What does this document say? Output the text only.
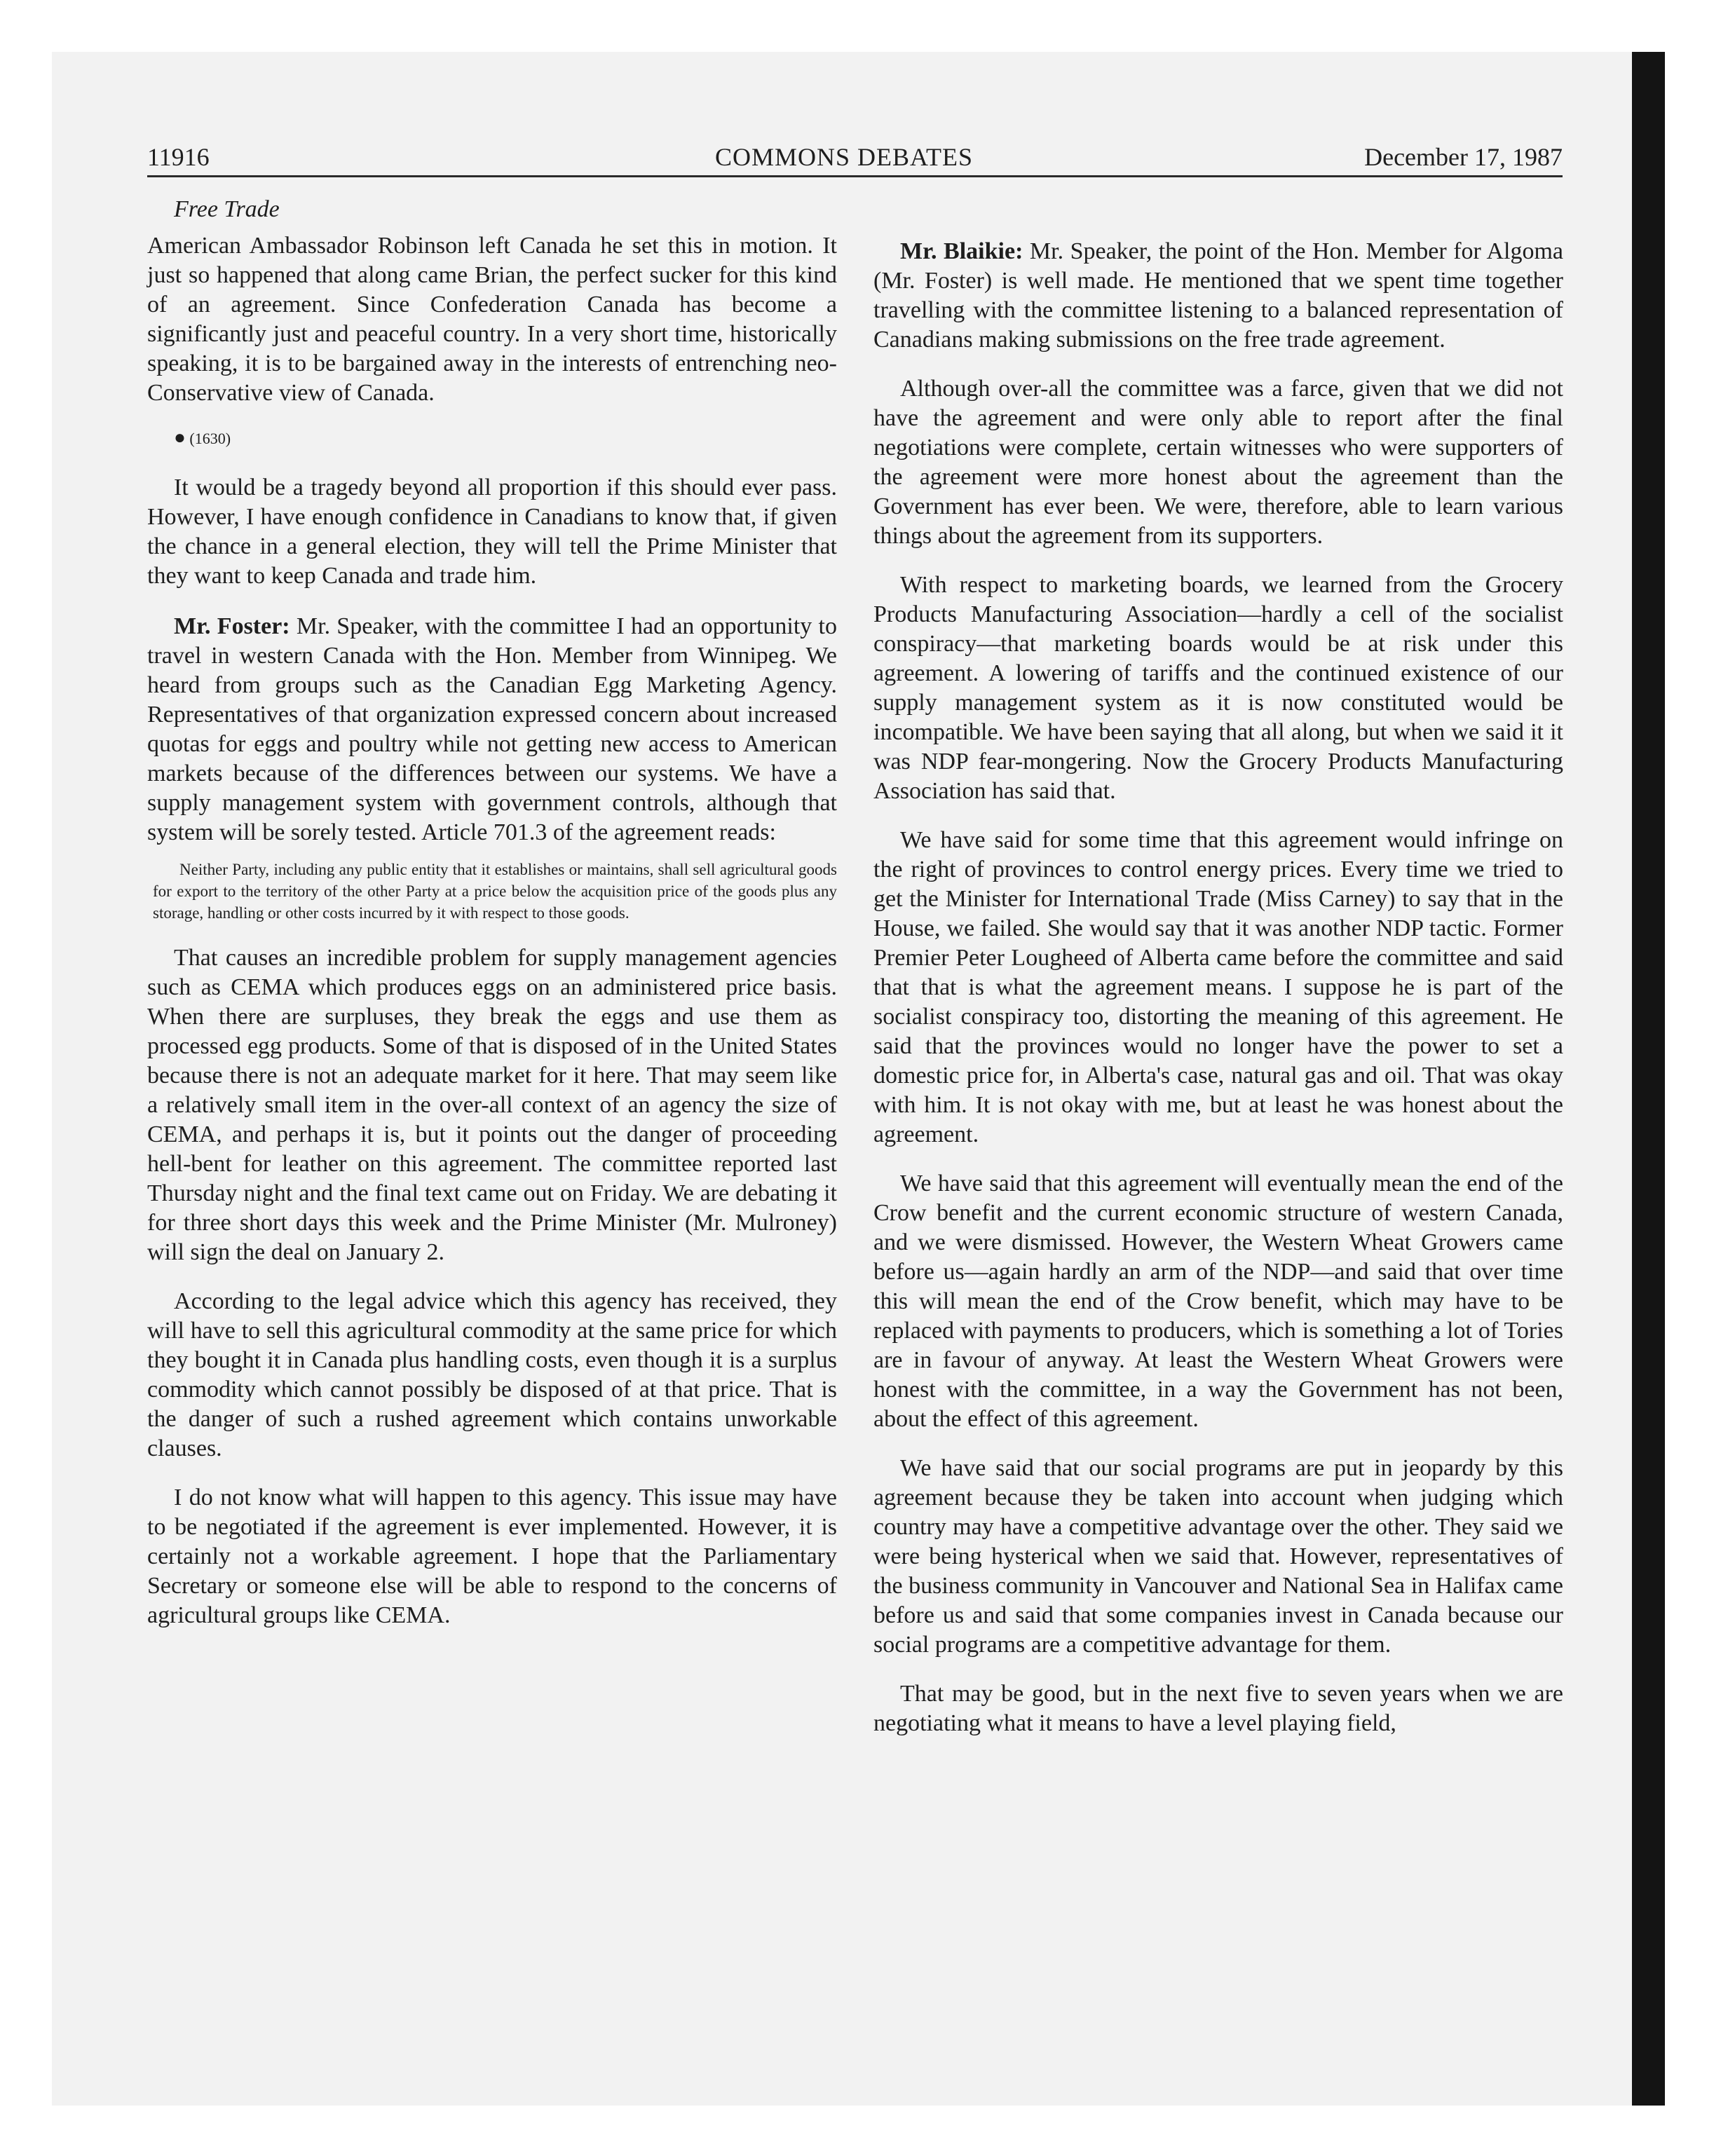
11916	COMMONS DEBATES	December 17, 1987

Free Trade

American Ambassador Robinson left Canada he set this in motion. It just so happened that along came Brian, the perfect sucker for this kind of an agreement. Since Confederation Canada has become a significantly just and peaceful country. In a very short time, historically speaking, it is to be bargained away in the interests of entrenching neo-Conservative view of Canada.

● (1630)

It would be a tragedy beyond all proportion if this should ever pass. However, I have enough confidence in Canadians to know that, if given the chance in a general election, they will tell the Prime Minister that they want to keep Canada and trade him.

Mr. Foster: Mr. Speaker, with the committee I had an opportunity to travel in western Canada with the Hon. Member from Winnipeg. We heard from groups such as the Canadian Egg Marketing Agency. Representatives of that organization expressed concern about increased quotas for eggs and poultry while not getting new access to American markets because of the differences between our systems. We have a supply management system with government controls, although that system will be sorely tested. Article 701.3 of the agreement reads:

Neither Party, including any public entity that it establishes or maintains, shall sell agricultural goods for export to the territory of the other Party at a price below the acquisition price of the goods plus any storage, handling or other costs incurred by it with respect to those goods.

That causes an incredible problem for supply management agencies such as CEMA which produces eggs on an administered price basis. When there are surpluses, they break the eggs and use them as processed egg products. Some of that is disposed of in the United States because there is not an adequate market for it here. That may seem like a relatively small item in the over-all context of an agency the size of CEMA, and perhaps it is, but it points out the danger of proceeding hell-bent for leather on this agreement. The committee reported last Thursday night and the final text came out on Friday. We are debating it for three short days this week and the Prime Minister (Mr. Mulroney) will sign the deal on January 2.

According to the legal advice which this agency has received, they will have to sell this agricultural commodity at the same price for which they bought it in Canada plus handling costs, even though it is a surplus commodity which cannot possibly be disposed of at that price. That is the danger of such a rushed agreement which contains unworkable clauses.

I do not know what will happen to this agency. This issue may have to be negotiated if the agreement is ever implemented. However, it is certainly not a workable agreement. I hope that the Parliamentary Secretary or someone else will be able to respond to the concerns of agricultural groups like CEMA.

Mr. Blaikie: Mr. Speaker, the point of the Hon. Member for Algoma (Mr. Foster) is well made. He mentioned that we spent time together travelling with the committee listening to a balanced representation of Canadians making submissions on the free trade agreement.

Although over-all the committee was a farce, given that we did not have the agreement and were only able to report after the final negotiations were complete, certain witnesses who were supporters of the agreement were more honest about the agreement than the Government has ever been. We were, therefore, able to learn various things about the agreement from its supporters.

With respect to marketing boards, we learned from the Grocery Products Manufacturing Association—hardly a cell of the socialist conspiracy—that marketing boards would be at risk under this agreement. A lowering of tariffs and the continued existence of our supply management system as it is now constituted would be incompatible. We have been saying that all along, but when we said it it was NDP fear-mongering. Now the Grocery Products Manufacturing Association has said that.

We have said for some time that this agreement would infringe on the right of provinces to control energy prices. Every time we tried to get the Minister for International Trade (Miss Carney) to say that in the House, we failed. She would say that it was another NDP tactic. Former Premier Peter Lougheed of Alberta came before the committee and said that that is what the agreement means. I suppose he is part of the socialist conspiracy too, distorting the meaning of this agreement. He said that the provinces would no longer have the power to set a domestic price for, in Alberta's case, natural gas and oil. That was okay with him. It is not okay with me, but at least he was honest about the agreement.

We have said that this agreement will eventually mean the end of the Crow benefit and the current economic structure of western Canada, and we were dismissed. However, the Western Wheat Growers came before us—again hardly an arm of the NDP—and said that over time this will mean the end of the Crow benefit, which may have to be replaced with payments to producers, which is something a lot of Tories are in favour of anyway. At least the Western Wheat Growers were honest with the committee, in a way the Government has not been, about the effect of this agreement.

We have said that our social programs are put in jeopardy by this agreement because they be taken into account when judging which country may have a competitive advantage over the other. They said we were being hysterical when we said that. However, representatives of the business community in Vancouver and National Sea in Halifax came before us and said that some companies invest in Canada because our social programs are a competitive advantage for them.

That may be good, but in the next five to seven years when we are negotiating what it means to have a level playing field,
